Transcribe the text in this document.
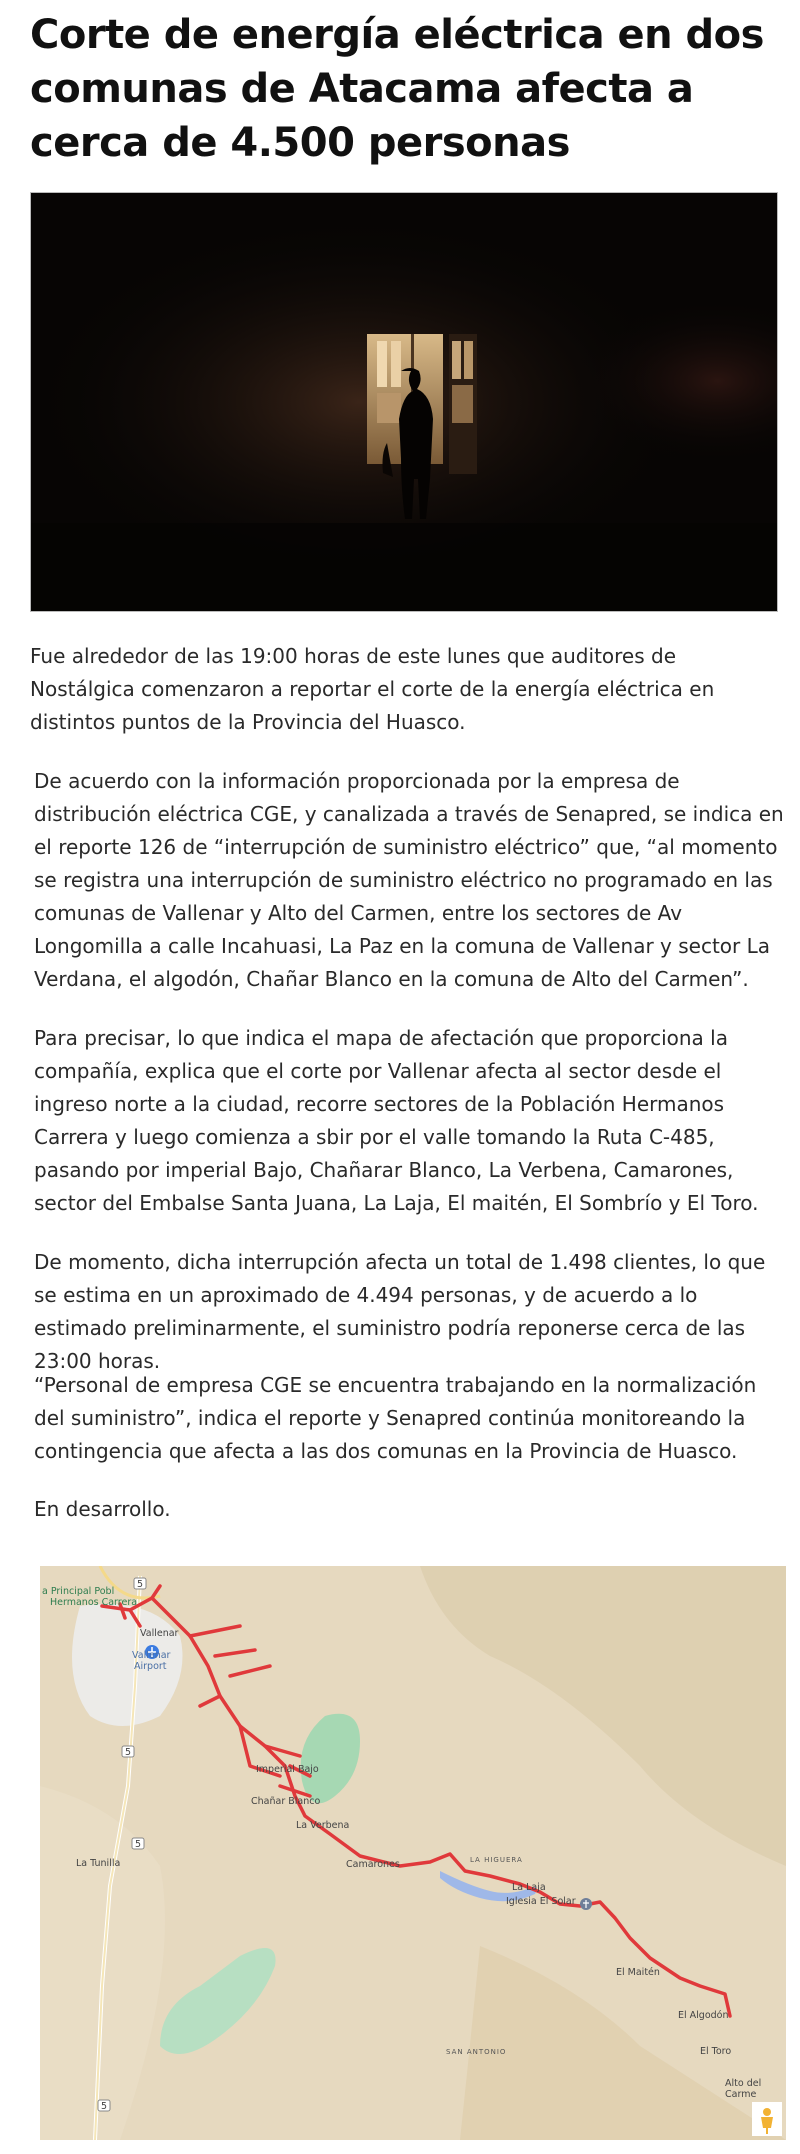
Corte de energía eléctrica en dos comunas de Atacama afecta a cerca de 4.500 personas

Fue alrededor de las 19:00 horas de este lunes que auditores de Nostálgica comenzaron a reportar el corte de la energía eléctrica en distintos puntos de la Provincia del Huasco.

De acuerdo con la información proporcionada por la empresa de distribución eléctrica CGE, y canalizada a través de Senapred, se indica en el reporte 126 de “interrupción de suministro eléctrico” que, “al momento se registra una interrupción de suministro eléctrico no programado en las comunas de Vallenar y Alto del Carmen, entre los sectores de Av Longomilla a calle Incahuasi, La Paz en la comuna de Vallenar y sector La Verdana, el algodón, Chañar Blanco en la comuna de Alto del Carmen”.

Para precisar, lo que indica el mapa de afectación que proporciona la compañía, explica que el corte por Vallenar afecta al sector desde el ingreso norte a la ciudad, recorre sectores de la Población Hermanos Carrera y luego comienza a sbir por el valle tomando la Ruta C-485, pasando por imperial Bajo, Chañarar Blanco, La Verbena, Camarones, sector del Embalse Santa Juana, La Laja, El maitén, El Sombrío y El Toro.

De momento, dicha interrupción afecta un total de 1.498 clientes, lo que se estima en un aproximado de 4.494 personas, y de acuerdo a lo estimado preliminarmente, el suministro podría reponerse cerca de las 23:00 horas.

“Personal de empresa CGE se encuentra trabajando en la normalización del suministro”, indica el reporte y Senapred continúa monitoreando la contingencia que afecta a las dos comunas en la Provincia de Huasco.

En desarrollo.

5
5
5
5
a Principal Pobl
Hermanos Carrera
Vallenar
Vallenar
Airport
Imperial Bajo
Chañar Blanco
La Verbena
Camarones	LA HIGUERA
La Laja
Iglesia El Solar
La Tunilla
El Maitén
El Algodón
El Toro
SAN ANTONIO
Alto del
Carme
